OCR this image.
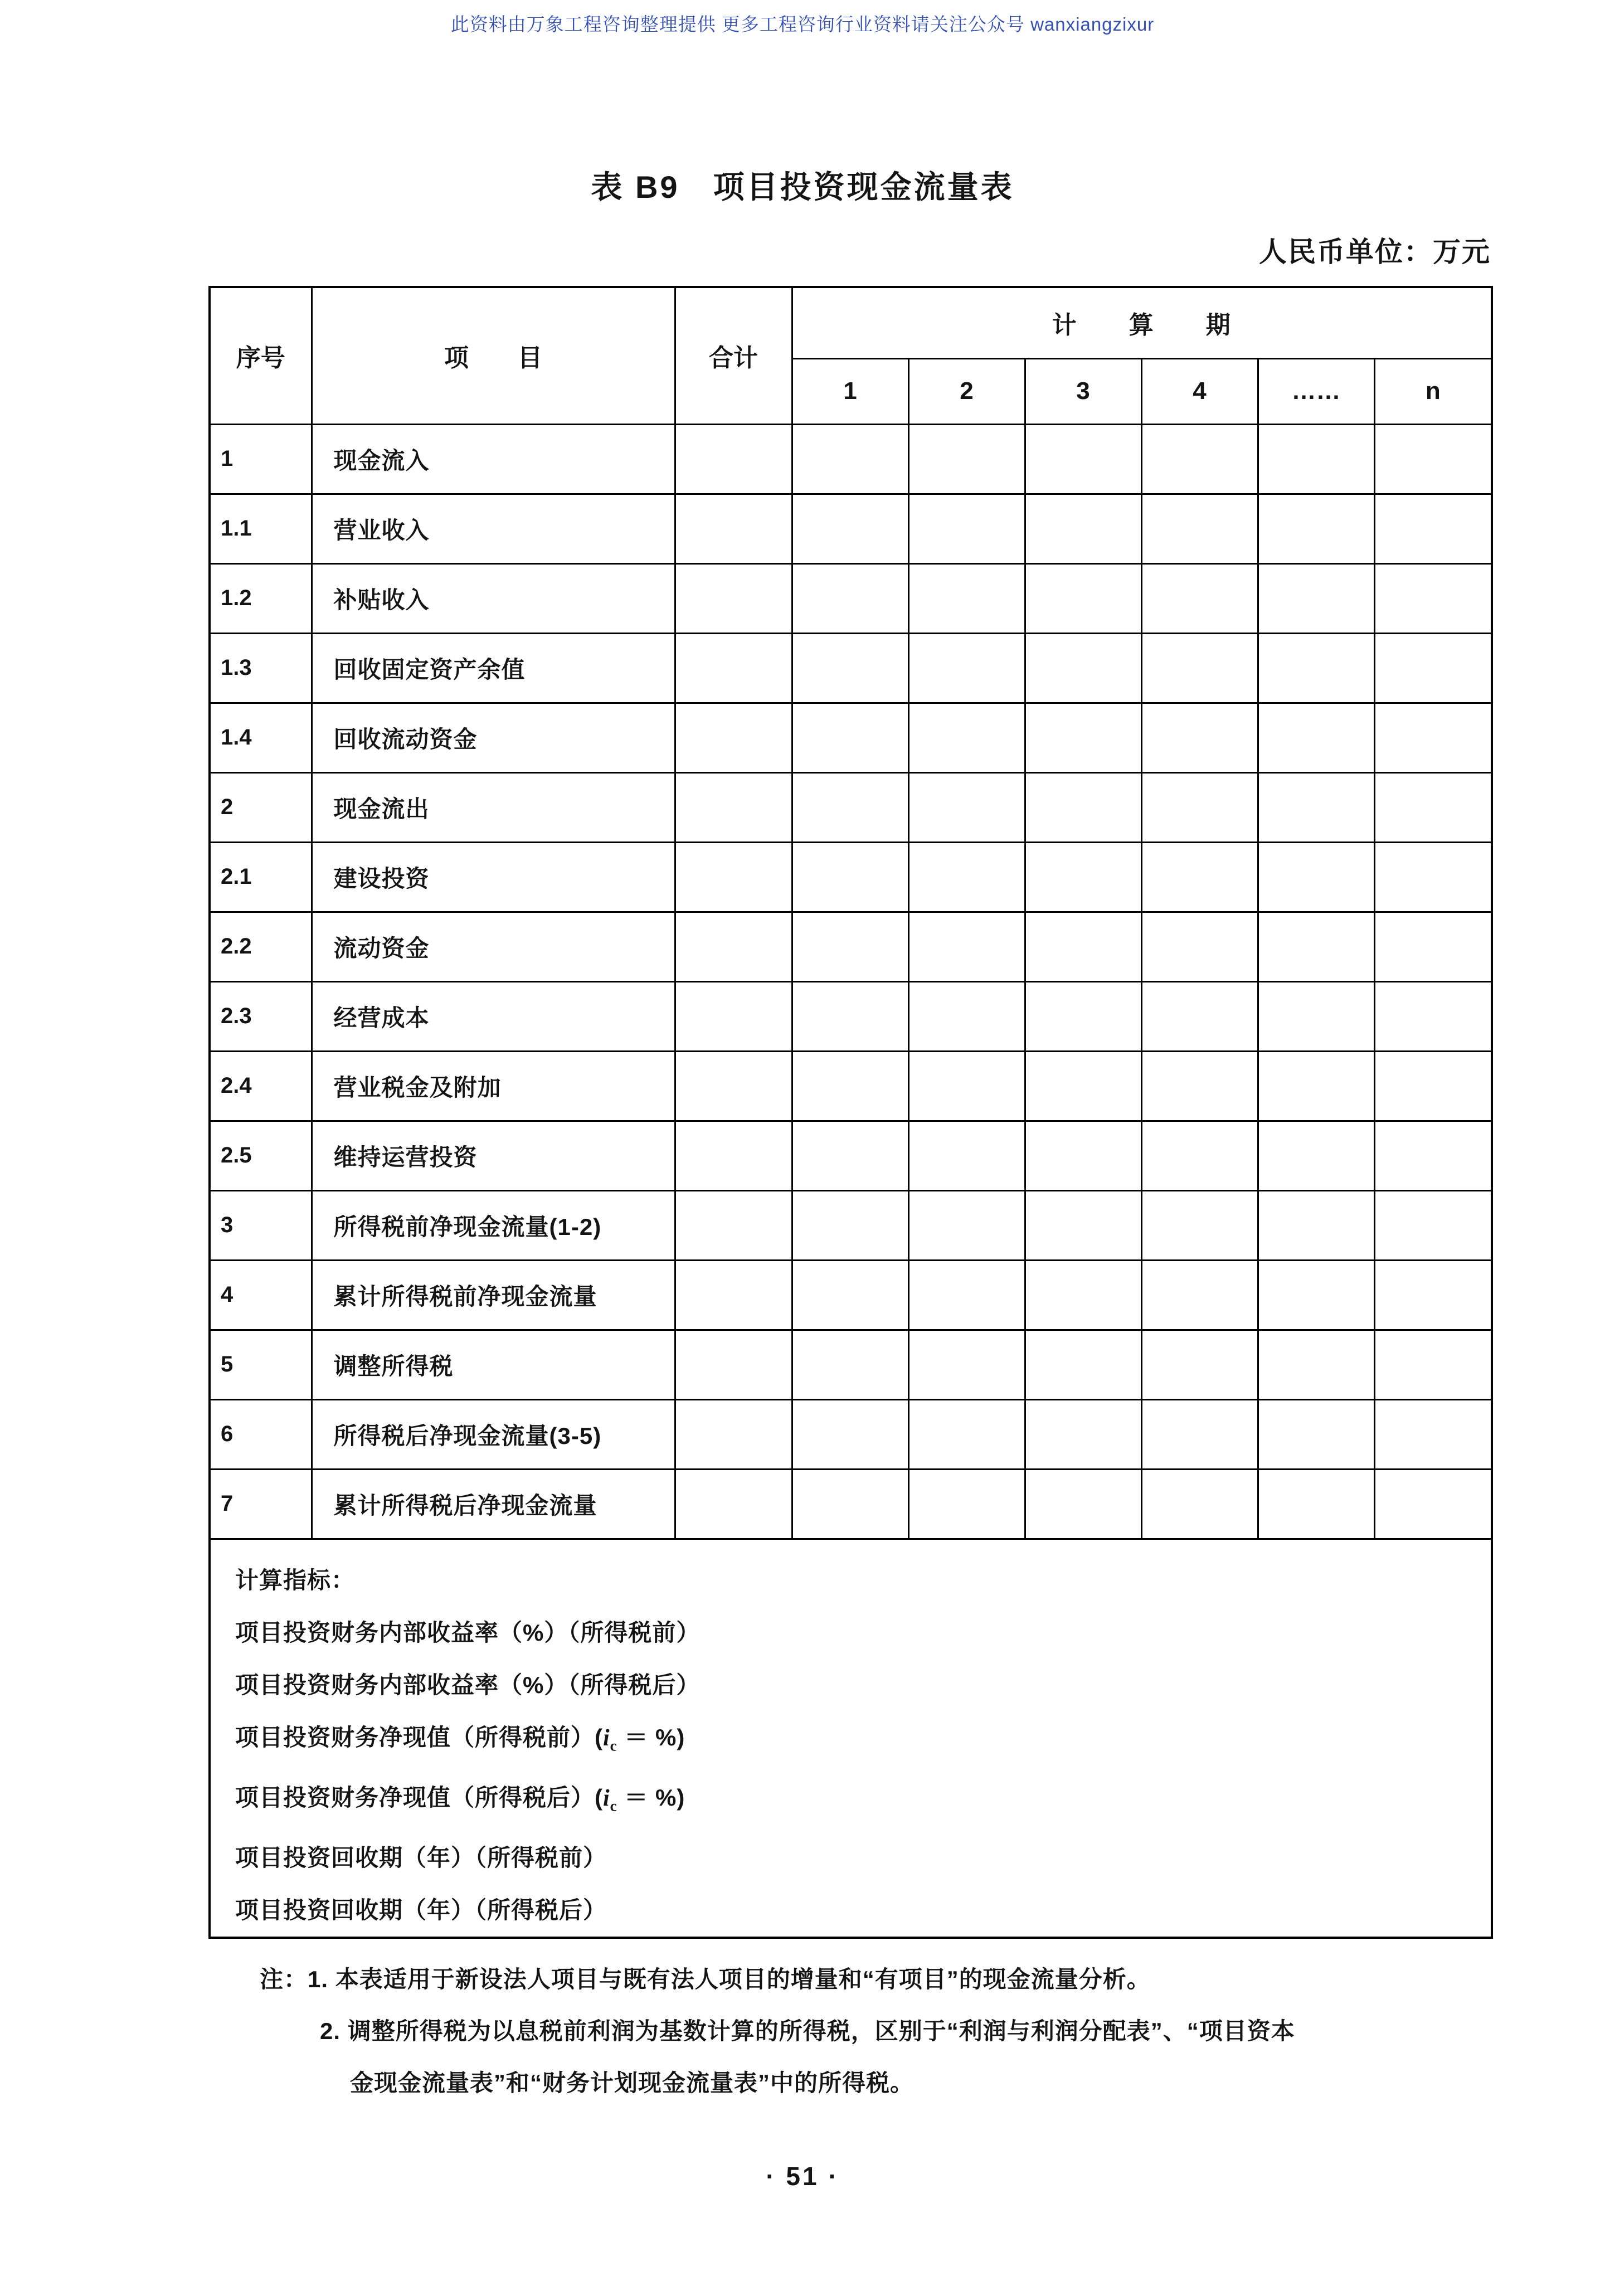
此资料由万象工程咨询整理提供 更多工程咨询行业资料请关注公众号 wanxiangzixur
表 B9　项目投资现金流量表
人民币单位：万元
序号	项　　目	合计	计　　算　　期					
			1	2	3	4	……	n
1	现金流入							
1.1	营业收入							
1.2	补贴收入							
1.3	回收固定资产余值							
1.4	回收流动资金							
2	现金流出							
2.1	建设投资							
2.2	流动资金							
2.3	经营成本							
2.4	营业税金及附加							
2.5	维持运营投资							
3	所得税前净现金流量(1-2)							
4	累计所得税前净现金流量							
5	调整所得税							
6	所得税后净现金流量(3-5)							
7	累计所得税后净现金流量							

计算指标：
项目投资财务内部收益率（%）（所得税前）
项目投资财务内部收益率（%）（所得税后）
项目投资财务净现值（所得税前）($i_c$ ＝ %)
项目投资财务净现值（所得税后）($i_c$ ＝ %)
项目投资回收期（年）（所得税前）
项目投资回收期（年）（所得税后）
注：1. 本表适用于新设法人项目与既有法人项目的增量和“有项目”的现金流量分析。
2. 调整所得税为以息税前利润为基数计算的所得税，区别于“利润与利润分配表”、“项目资本
金现金流量表”和“财务计划现金流量表”中的所得税。
· 51 ·
